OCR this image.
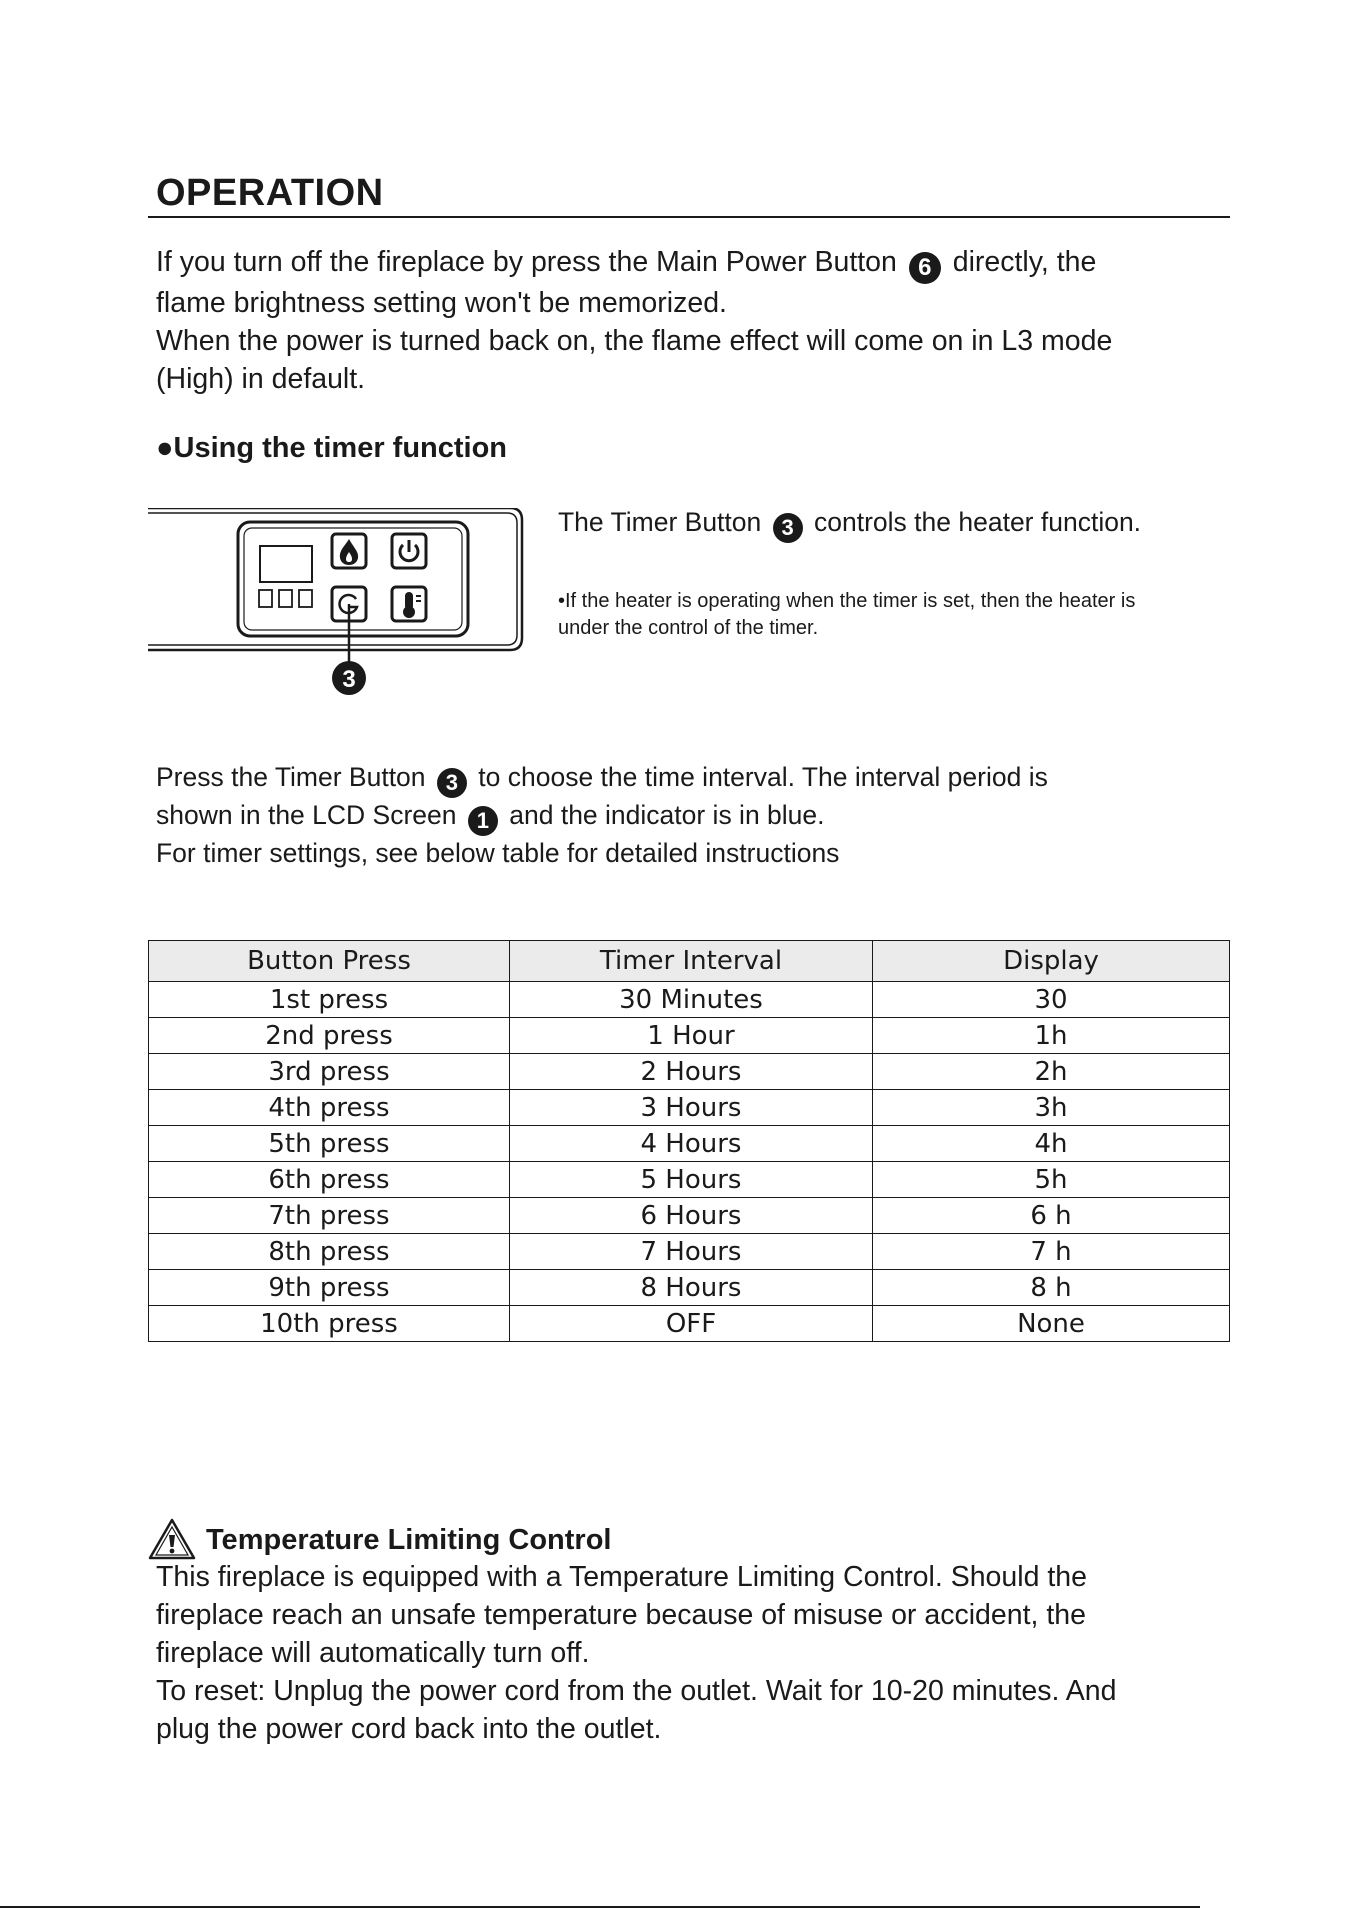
OPERATION
If you turn off the fireplace by press the Main Power Button 6 directly, the
flame brightness setting won't be memorized.
When the power is turned back on, the flame effect will come on in L3 mode
(High) in default.
●Using the timer function
3
The Timer Button 3 controls the heater function.
•If the heater is operating when the timer is set, then the heater is
under the control of the timer.
Press the Timer Button 3 to choose the time interval. The interval period is
shown in the LCD Screen 1 and the indicator is in blue.
For timer settings, see below table for detailed instructions
Button Press	Timer Interval	Display
1st press	30 Minutes	30
2nd press	1 Hour	1h
3rd press	2 Hours	2h
4th press	3 Hours	3h
5th press	4 Hours	4h
6th press	5 Hours	5h
7th press	6 Hours	6 h
8th press	7 Hours	7 h
9th press	8 Hours	8 h
10th press	OFF	None
Temperature Limiting Control
This fireplace is equipped with a Temperature Limiting Control. Should the
fireplace reach an unsafe temperature because of misuse or accident, the
fireplace will automatically turn off.
To reset: Unplug the power cord from the outlet. Wait for 10-20 minutes. And
plug the power cord back into the outlet.
